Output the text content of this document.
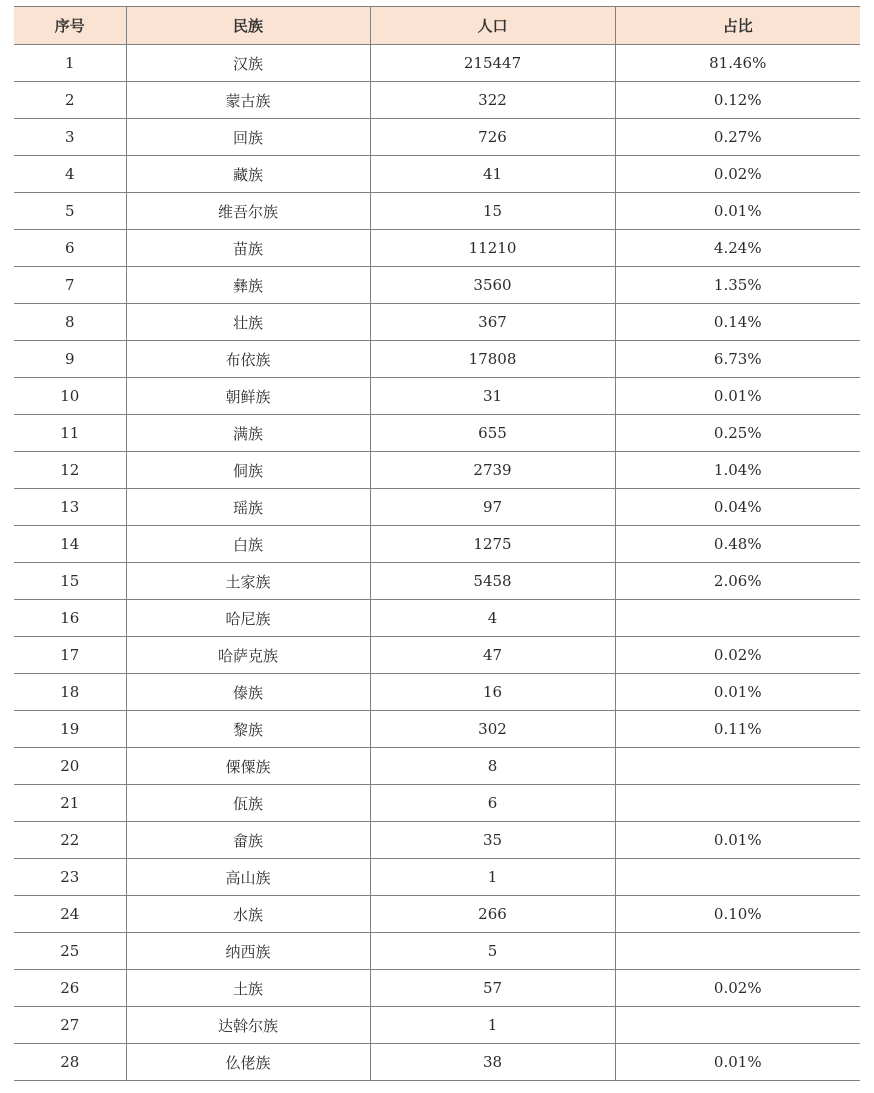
序号	民族	人口	占比
1	汉族	215447	81.46%
2	蒙古族	322	0.12%
3	回族	726	0.27%
4	藏族	41	0.02%
5	维吾尔族	15	0.01%
6	苗族	11210	4.24%
7	彝族	3560	1.35%
8	壮族	367	0.14%
9	布依族	17808	6.73%
10	朝鲜族	31	0.01%
11	满族	655	0.25%
12	侗族	2739	1.04%
13	瑶族	97	0.04%
14	白族	1275	0.48%
15	土家族	5458	2.06%
16	哈尼族	4	
17	哈萨克族	47	0.02%
18	傣族	16	0.01%
19	黎族	302	0.11%
20	傈僳族	8	
21	佤族	6	
22	畲族	35	0.01%
23	高山族	1	
24	水族	266	0.10%
25	纳西族	5	
26	土族	57	0.02%
27	达斡尔族	1	
28	仫佬族	38	0.01%
